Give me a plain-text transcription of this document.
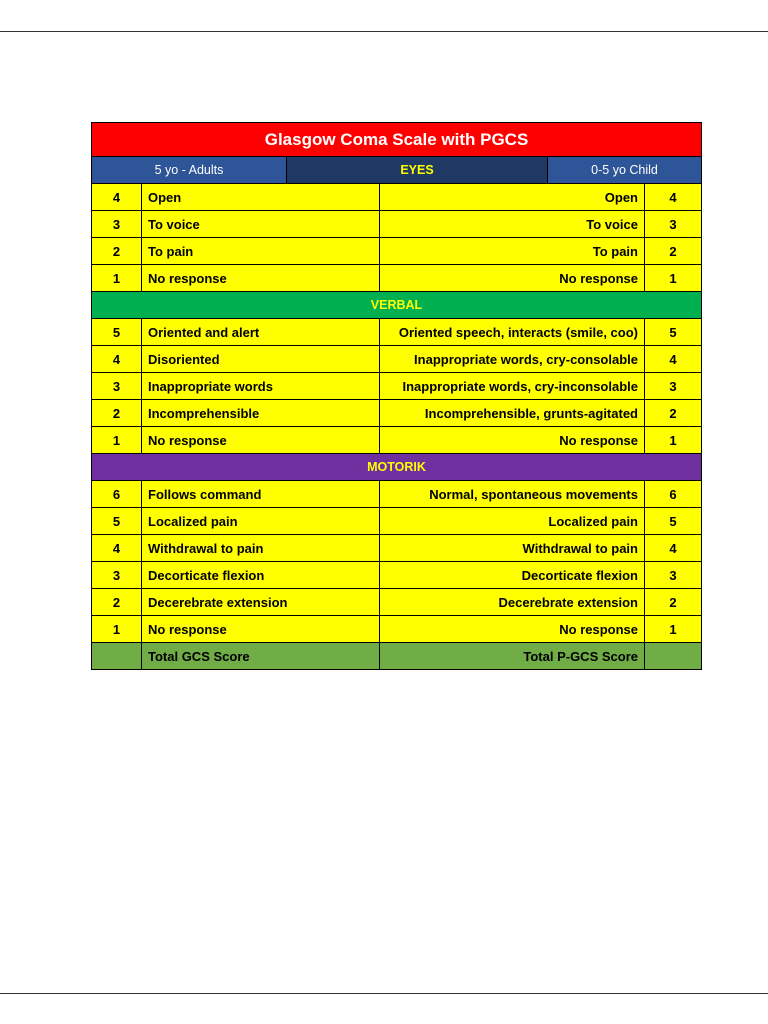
Glasgow Coma Scale with PGCS					
5 yo - Adults		EYES		0-5 yo Child	
4	Open		Open		4
3	To voice		To voice		3
2	To pain		To pain		2
1	No response		No response		1
VERBAL					
5	Oriented and alert		Oriented speech, interacts (smile, coo)		5
4	Disoriented		Inappropriate words, cry-consolable		4
3	Inappropriate words		Inappropriate words, cry-inconsolable		3
2	Incomprehensible		Incomprehensible, grunts-agitated		2
1	No response		No response		1
MOTORIK					
6	Follows command		Normal, spontaneous movements		6
5	Localized pain		Localized pain		5
4	Withdrawal to pain		Withdrawal to pain		4
3	Decorticate flexion		Decorticate flexion		3
2	Decerebrate extension		Decerebrate extension		2
1	No response		No response		1
	Total GCS Score		Total P-GCS Score		
